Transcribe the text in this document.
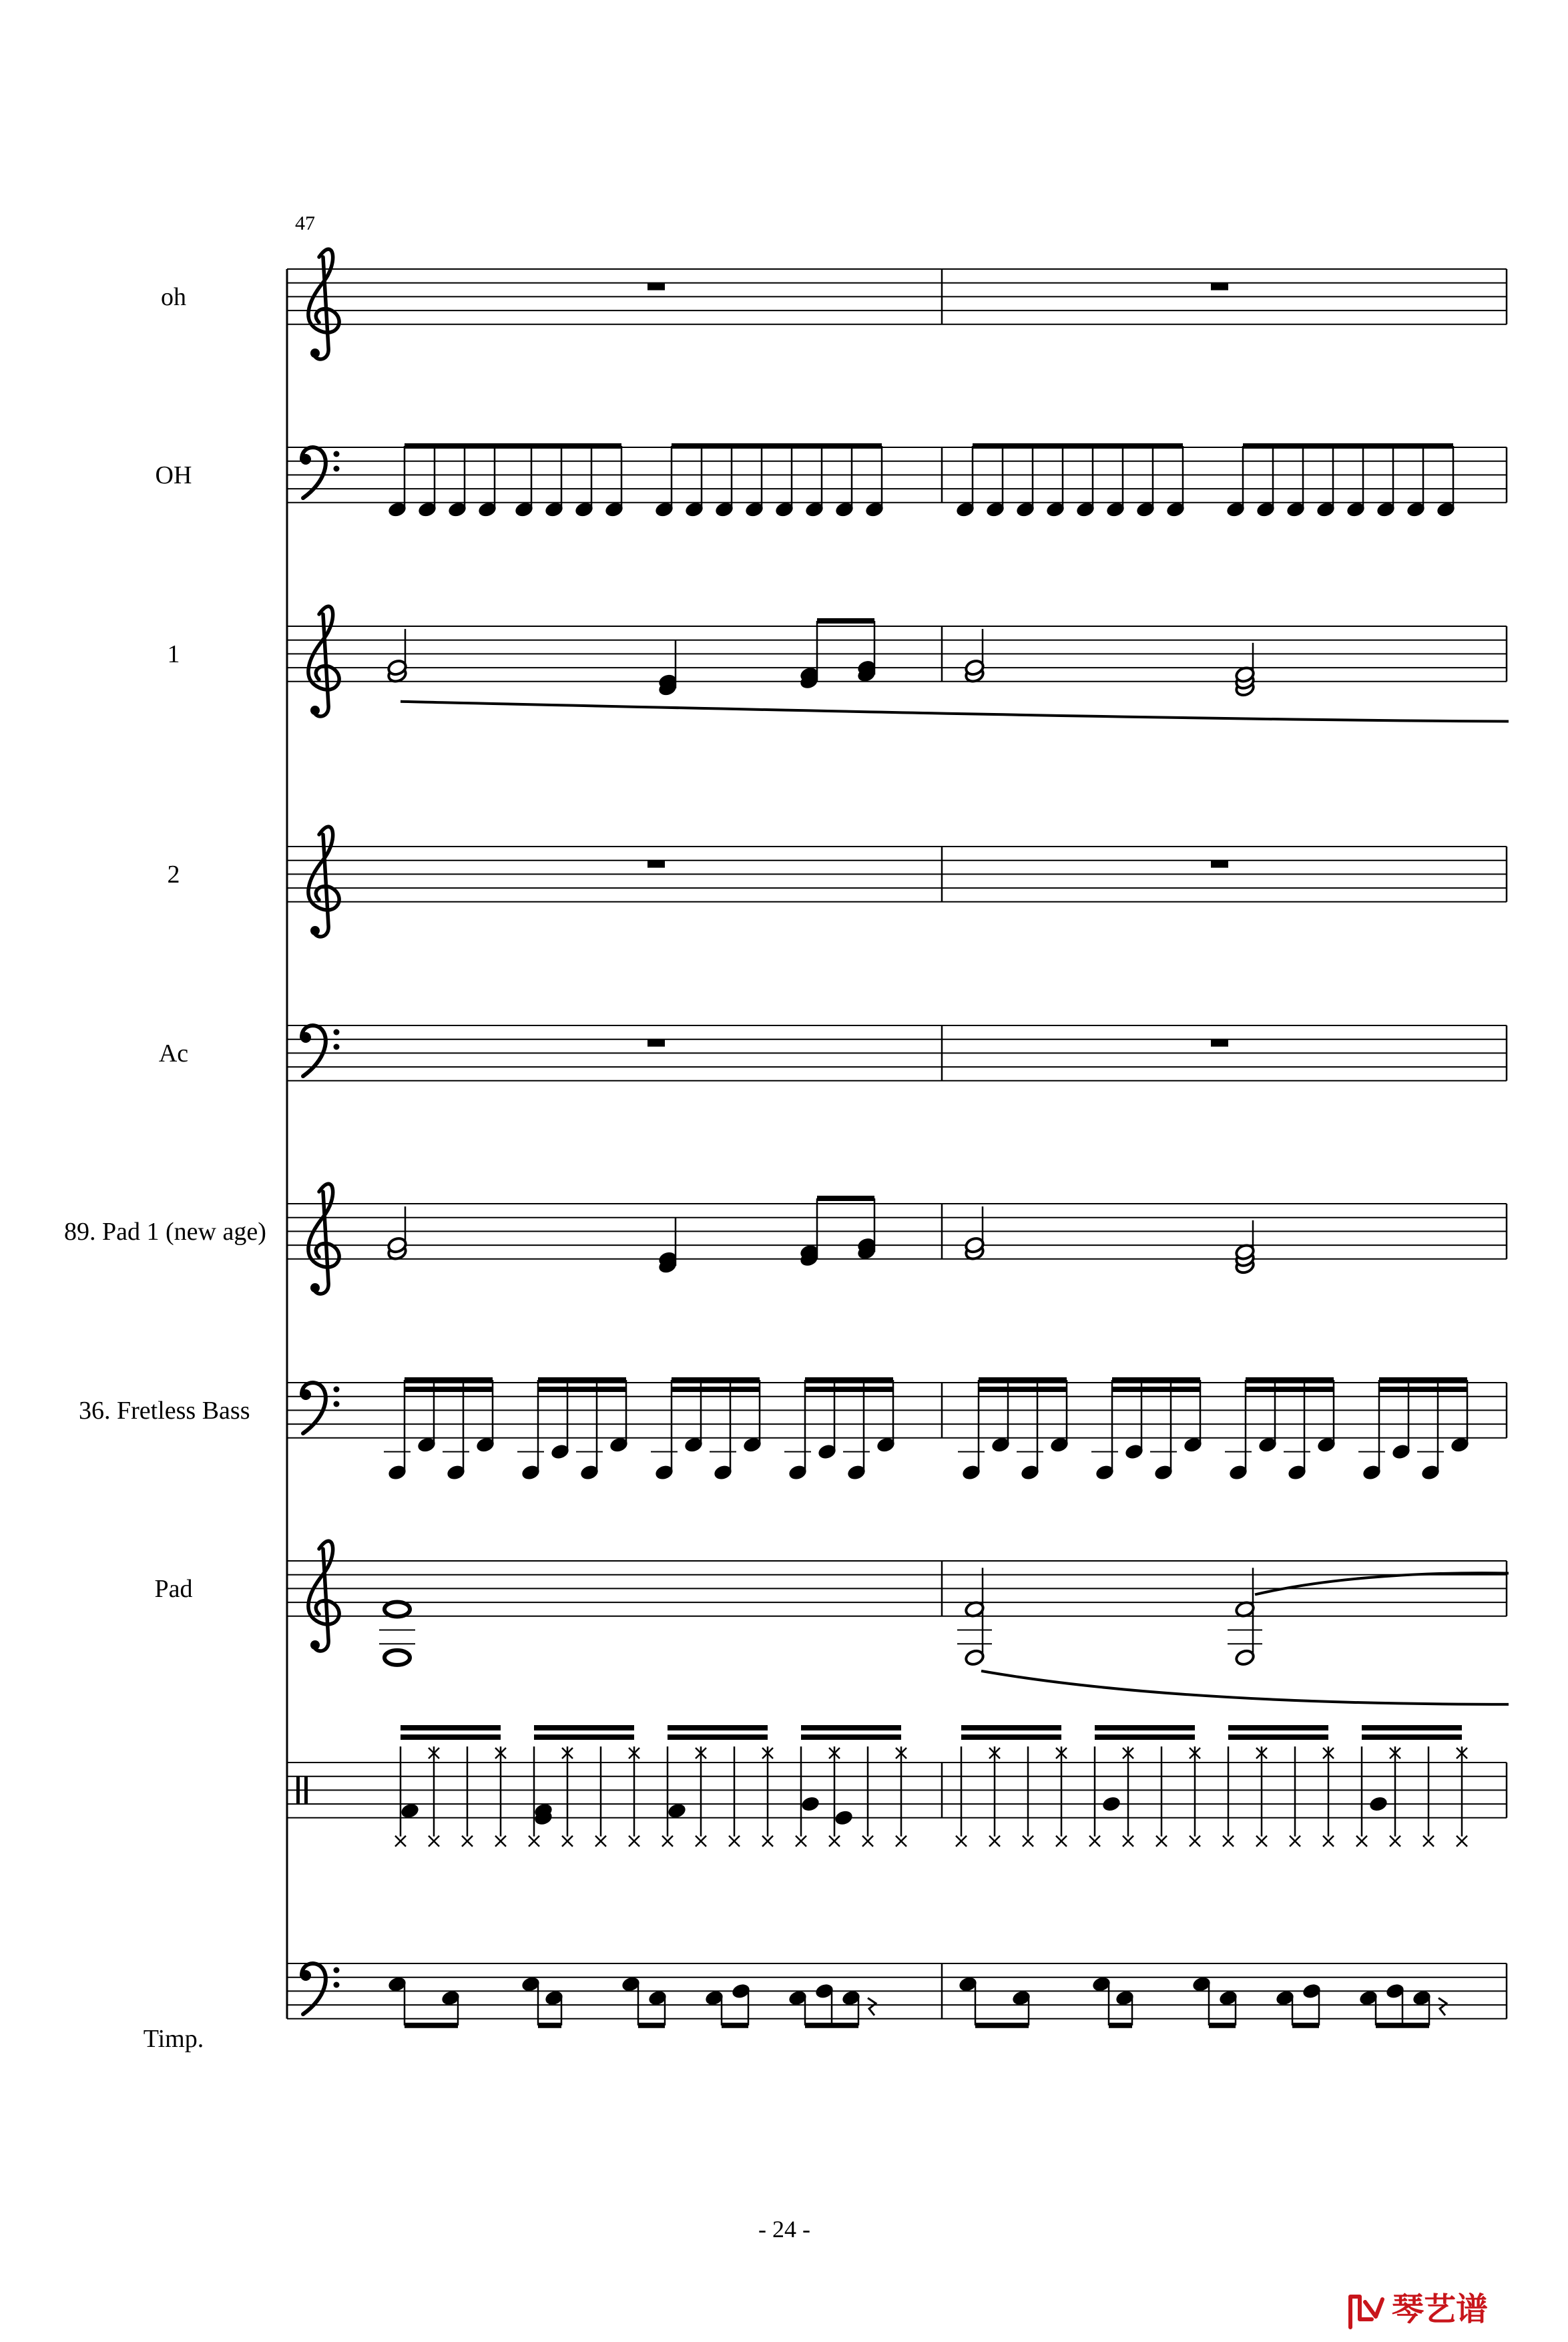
47
oh
OH
1
2
Ac
89. Pad 1 (new age)
36. Fretless Bass
Pad
Timp.
- 24 -
琴艺谱
